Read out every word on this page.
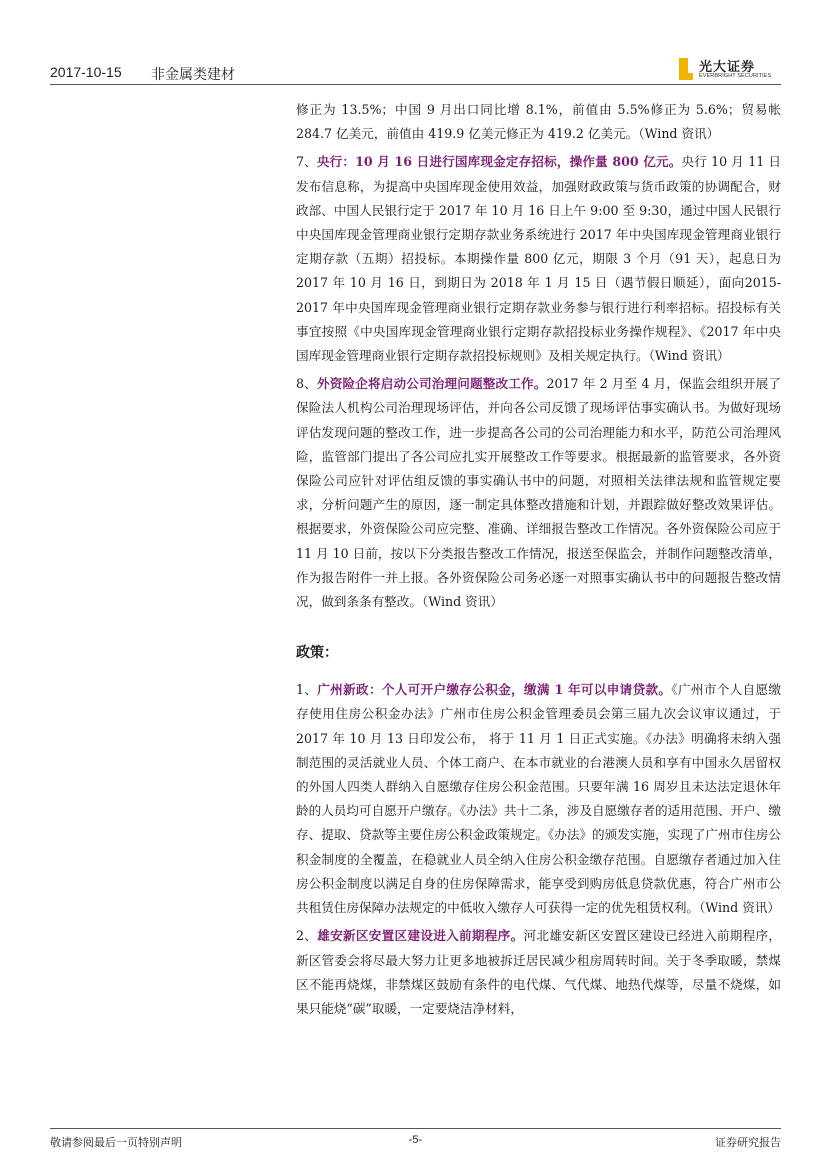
2017-10-15 非金属类建材	光大证券
EVERBRIGHT SECURITIES

修正为 13.5%；中国 9 月出口同比增 8.1%，前值由 5.5%修正为 5.6%；贸易帐 284.7 亿美元，前值由 419.9 亿美元修正为 419.2 亿美元。（Wind 资讯）

7、央行：10 月 16 日进行国库现金定存招标，操作量 800 亿元。央行 10 月 11 日发布信息称，为提高中央国库现金使用效益，加强财政政策与货币政策的协调配合，财政部、中国人民银行定于 2017 年 10 月 16 日上午 9:00 至 9:30，通过中国人民银行中央国库现金管理商业银行定期存款业务系统进行 2017 年中央国库现金管理商业银行定期存款（五期）招投标。本期操作量 800 亿元，期限 3 个月（91 天），起息日为 2017 年 10 月 16 日，到期日为 2018 年 1 月 15 日（遇节假日顺延），面向2015-2017 年中央国库现金管理商业银行定期存款业务参与银行进行利率招标。招投标有关事宜按照《中央国库现金管理商业银行定期存款招投标业务操作规程》、《2017 年中央国库现金管理商业银行定期存款招投标规则》及相关规定执行。（Wind 资讯）

8、外资险企将启动公司治理问题整改工作。2017 年 2 月至 4 月，保监会组织开展了保险法人机构公司治理现场评估，并向各公司反馈了现场评估事实确认书。为做好现场评估发现问题的整改工作，进一步提高各公司的公司治理能力和水平，防范公司治理风险，监管部门提出了各公司应扎实开展整改工作等要求。根据最新的监管要求，各外资保险公司应针对评估组反馈的事实确认书中的问题，对照相关法律法规和监管规定要求，分析问题产生的原因，逐一制定具体整改措施和计划，并跟踪做好整改效果评估。根据要求，外资保险公司应完整、准确、详细报告整改工作情况。各外资保险公司应于 11 月 10 日前，按以下分类报告整改工作情况，报送至保监会，并制作问题整改清单，作为报告附件一并上报。各外资保险公司务必逐一对照事实确认书中的问题报告整改情况，做到条条有整改。（Wind 资讯）

政策：

1、广州新政：个人可开户缴存公积金，缴满 1 年可以申请贷款。《广州市个人自愿缴存使用住房公积金办法》广州市住房公积金管理委员会第三届九次会议审议通过，于 2017 年 10 月 13 日印发公布， 将于 11 月 1 日正式实施。《办法》明确将未纳入强制范围的灵活就业人员、个体工商户、在本市就业的台港澳人员和享有中国永久居留权的外国人四类人群纳入自愿缴存住房公积金范围。只要年满 16 周岁且未达法定退休年龄的人员均可自愿开户缴存。《办法》共十二条，涉及自愿缴存者的适用范围、开户、缴存、提取、贷款等主要住房公积金政策规定。《办法》的颁发实施，实现了广州市住房公积金制度的全覆盖，在稳就业人员全纳入住房公积金缴存范围。自愿缴存者通过加入住房公积金制度以满足自身的住房保障需求，能享受到购房低息贷款优惠，符合广州市公共租赁住房保障办法规定的中低收入缴存人可获得一定的优先租赁权利。（Wind 资讯）

2、雄安新区安置区建设进入前期程序。河北雄安新区安置区建设已经进入前期程序，新区管委会将尽最大努力让更多地被拆迁居民减少租房周转时间。关于冬季取暖，禁煤区不能再烧煤，非禁煤区鼓励有条件的电代煤、气代煤、地热代煤等，尽量不烧煤，如果只能烧“碳”取暖，一定要烧洁净材料，

敬请参阅最后一页特别声明	-5-	证券研究报告
